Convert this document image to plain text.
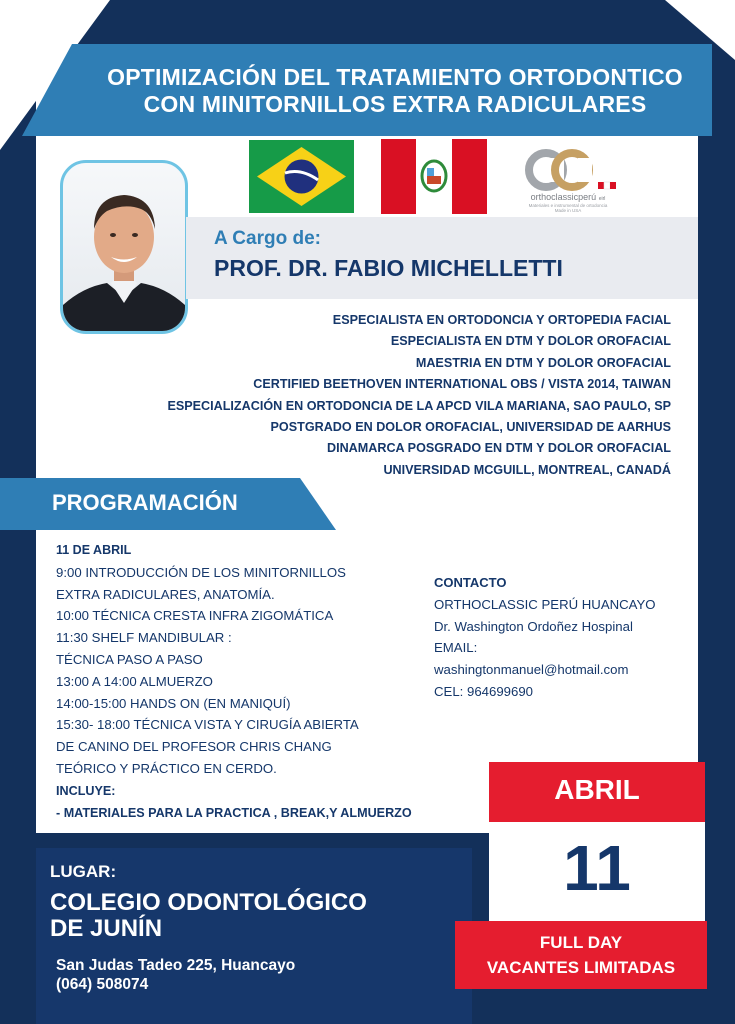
OPTIMIZACIÓN DEL TRATAMIENTO ORTODONTICO
CON MINITORNILLOS EXTRA RADICULARES
orthoclassicperú eirl
Materiales e instrumental de ortodoncia
Made in USA
A Cargo de:
PROF. DR. FABIO MICHELLETTI
ESPECIALISTA EN ORTODONCIA Y ORTOPEDIA FACIAL
ESPECIALISTA EN DTM Y DOLOR OROFACIAL
MAESTRIA EN DTM Y DOLOR OROFACIAL
CERTIFIED BEETHOVEN INTERNATIONAL OBS / VISTA 2014, TAIWAN
ESPECIALIZACIÓN EN ORTODONCIA DE LA APCD VILA MARIANA, SAO PAULO, SP
POSTGRADO EN DOLOR OROFACIAL, UNIVERSIDAD DE AARHUS
DINAMARCA POSGRADO EN DTM Y DOLOR OROFACIAL
UNIVERSIDAD MCGUILL, MONTREAL, CANADÁ
PROGRAMACIÓN
11 DE ABRIL
9:00 INTRODUCCIÓN DE LOS MINITORNILLOS
EXTRA RADICULARES, ANATOMÍA.
10:00 TÉCNICA CRESTA INFRA ZIGOMÁTICA
11:30 SHELF MANDIBULAR :
TÉCNICA PASO A PASO
13:00 A 14:00 ALMUERZO
14:00-15:00 HANDS ON (EN MANIQUÍ)
15:30- 18:00 TÉCNICA VISTA Y CIRUGÍA ABIERTA
DE CANINO DEL PROFESOR CHRIS CHANG
TEÓRICO Y PRÁCTICO EN CERDO.
INCLUYE:
- MATERIALES PARA LA PRACTICA , BREAK,Y ALMUERZO
CONTACTO
ORTHOCLASSIC PERÚ HUANCAYO
Dr. Washington Ordoñez Hospinal
EMAIL:
washingtonmanuel@hotmail.com
CEL: 964699690
LUGAR:
COLEGIO ODONTOLÓGICO
DE JUNÍN
San Judas Tadeo 225, Huancayo
(064) 508074
ABRIL
11
FULL DAY
VACANTES LIMITADAS
